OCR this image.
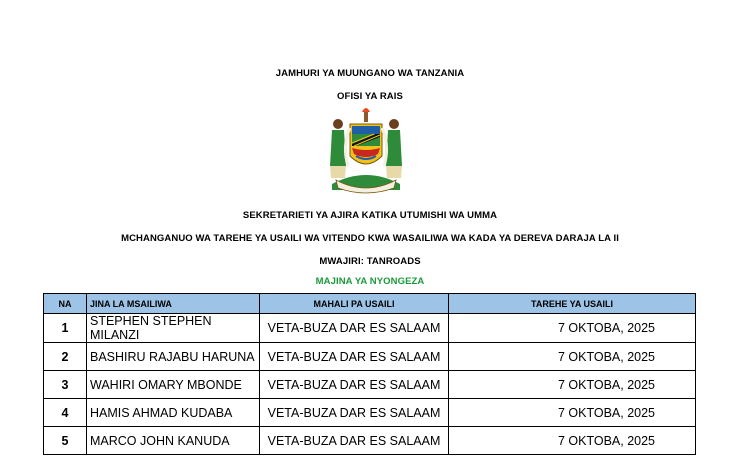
JAMHURI YA MUUNGANO WA TANZANIA
OFISI YA RAIS
SEKRETARIETI YA AJIRA KATIKA UTUMISHI WA UMMA
MCHANGANUO WA TAREHE YA USAILI WA VITENDO KWA WASAILIWA WA KADA YA DEREVA DARAJA LA II
MWAJIRI: TANROADS
MAJINA YA NYONGEZA
NA	JINA LA MSAILIWA	MAHALI PA USAILI	TAREHE YA USAILI
1	STEPHEN STEPHEN MILANZI	VETA-BUZA DAR ES SALAAM	7 OKTOBA, 2025
2	BASHIRU RAJABU HARUNA	VETA-BUZA DAR ES SALAAM	7 OKTOBA, 2025
3	WAHIRI OMARY MBONDE	VETA-BUZA DAR ES SALAAM	7 OKTOBA, 2025
4	HAMIS AHMAD KUDABA	VETA-BUZA DAR ES SALAAM	7 OKTOBA, 2025
5	MARCO JOHN KANUDA	VETA-BUZA DAR ES SALAAM	7 OKTOBA, 2025
